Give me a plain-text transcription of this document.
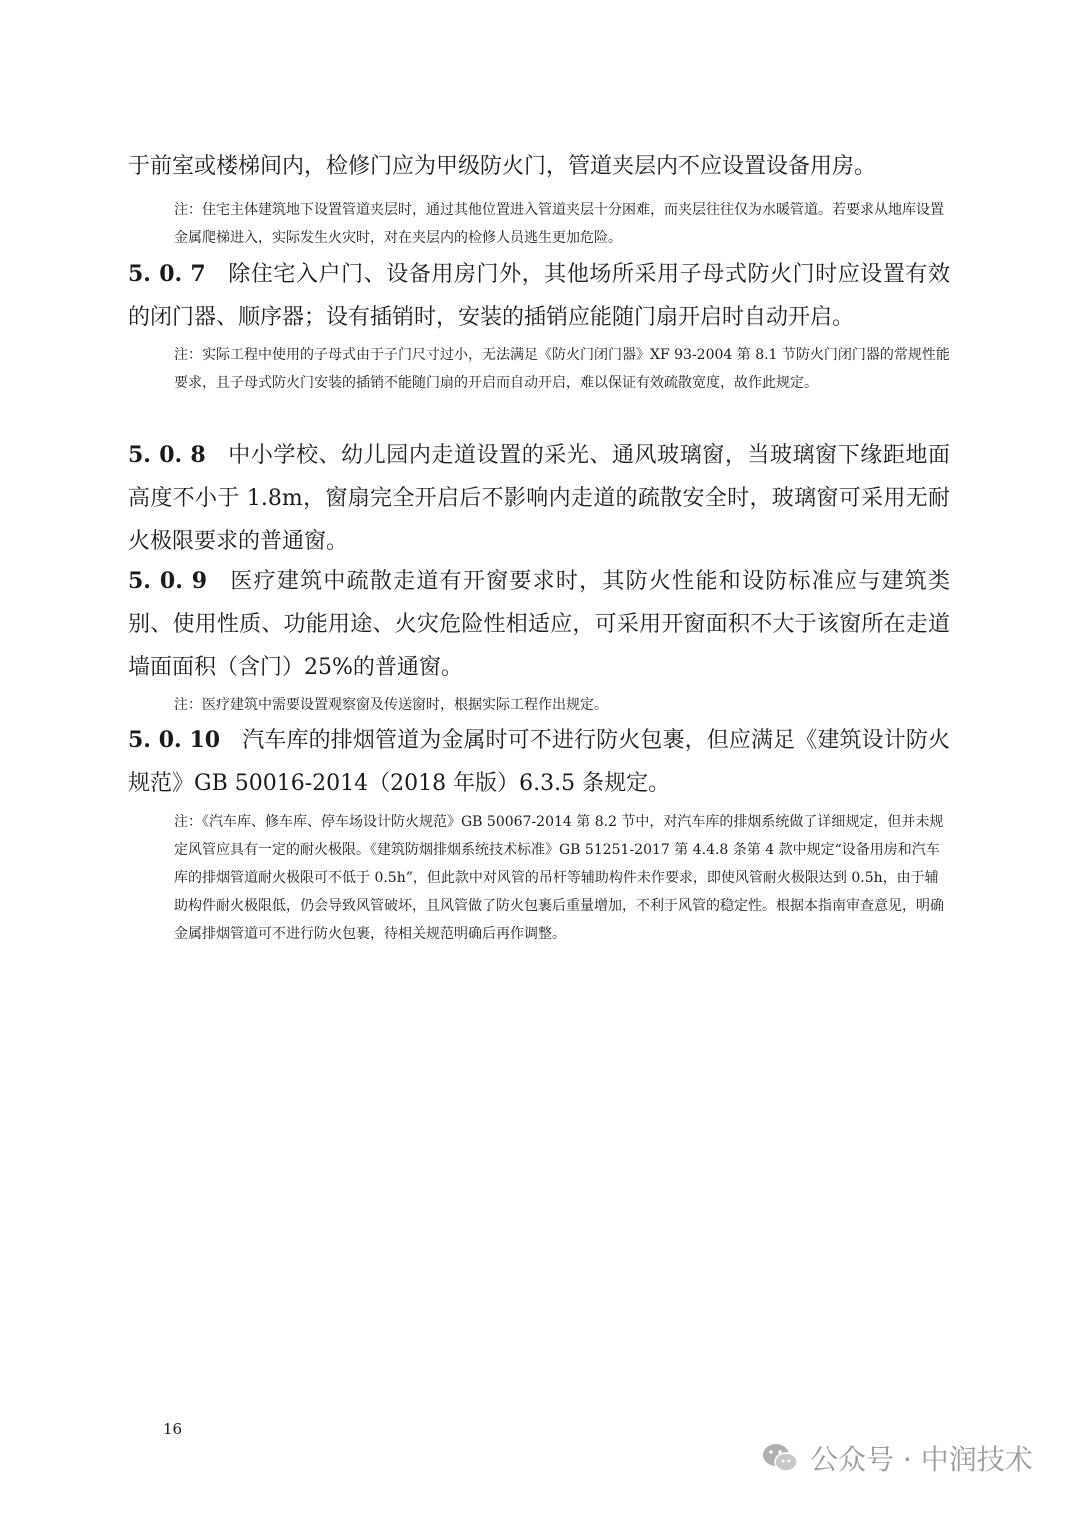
于前室或楼梯间内，检修门应为甲级防火门，管道夹层内不应设置设备用房。

注：住宅主体建筑地下设置管道夹层时，通过其他位置进入管道夹层十分困难，而夹层往往仅为水暖管道。若要求从地库设置金属爬梯进入，实际发生火灾时，对在夹层内的检修人员逃生更加危险。

5. 0. 7 除住宅入户门、设备用房门外，其他场所采用子母式防火门时应设置有效的闭门器、顺序器；设有插销时，安装的插销应能随门扇开启时自动开启。

注：实际工程中使用的子母式由于子门尺寸过小，无法满足《防火门闭门器》XF 93-2004 第 8.1 节防火门闭门器的常规性能要求，且子母式防火门安装的插销不能随门扇的开启而自动开启，难以保证有效疏散宽度，故作此规定。

5. 0. 8 中小学校、幼儿园内走道设置的采光、通风玻璃窗，当玻璃窗下缘距地面高度不小于 1.8m，窗扇完全开启后不影响内走道的疏散安全时，玻璃窗可采用无耐火极限要求的普通窗。

5. 0. 9 医疗建筑中疏散走道有开窗要求时，其防火性能和设防标准应与建筑类别、使用性质、功能用途、火灾危险性相适应，可采用开窗面积不大于该窗所在走道墙面面积（含门）25%的普通窗。

注：医疗建筑中需要设置观察窗及传送窗时，根据实际工程作出规定。

5. 0. 10 汽车库的排烟管道为金属时可不进行防火包裹，但应满足《建筑设计防火规范》GB 50016-2014（2018 年版）6.3.5 条规定。

注：《汽车库、修车库、停车场设计防火规范》GB 50067-2014 第 8.2 节中，对汽车库的排烟系统做了详细规定，但并未规定风管应具有一定的耐火极限。《建筑防烟排烟系统技术标准》GB 51251-2017 第 4.4.8 条第 4 款中规定“设备用房和汽车库的排烟管道耐火极限可不低于 0.5h”，但此款中对风管的吊杆等辅助构件未作要求，即使风管耐火极限达到 0.5h，由于辅助构件耐火极限低，仍会导致风管破坏，且风管做了防火包裹后重量增加，不利于风管的稳定性。根据本指南审查意见，明确金属排烟管道可不进行防火包裹，待相关规范明确后再作调整。

16

公众号 · 中润技术
